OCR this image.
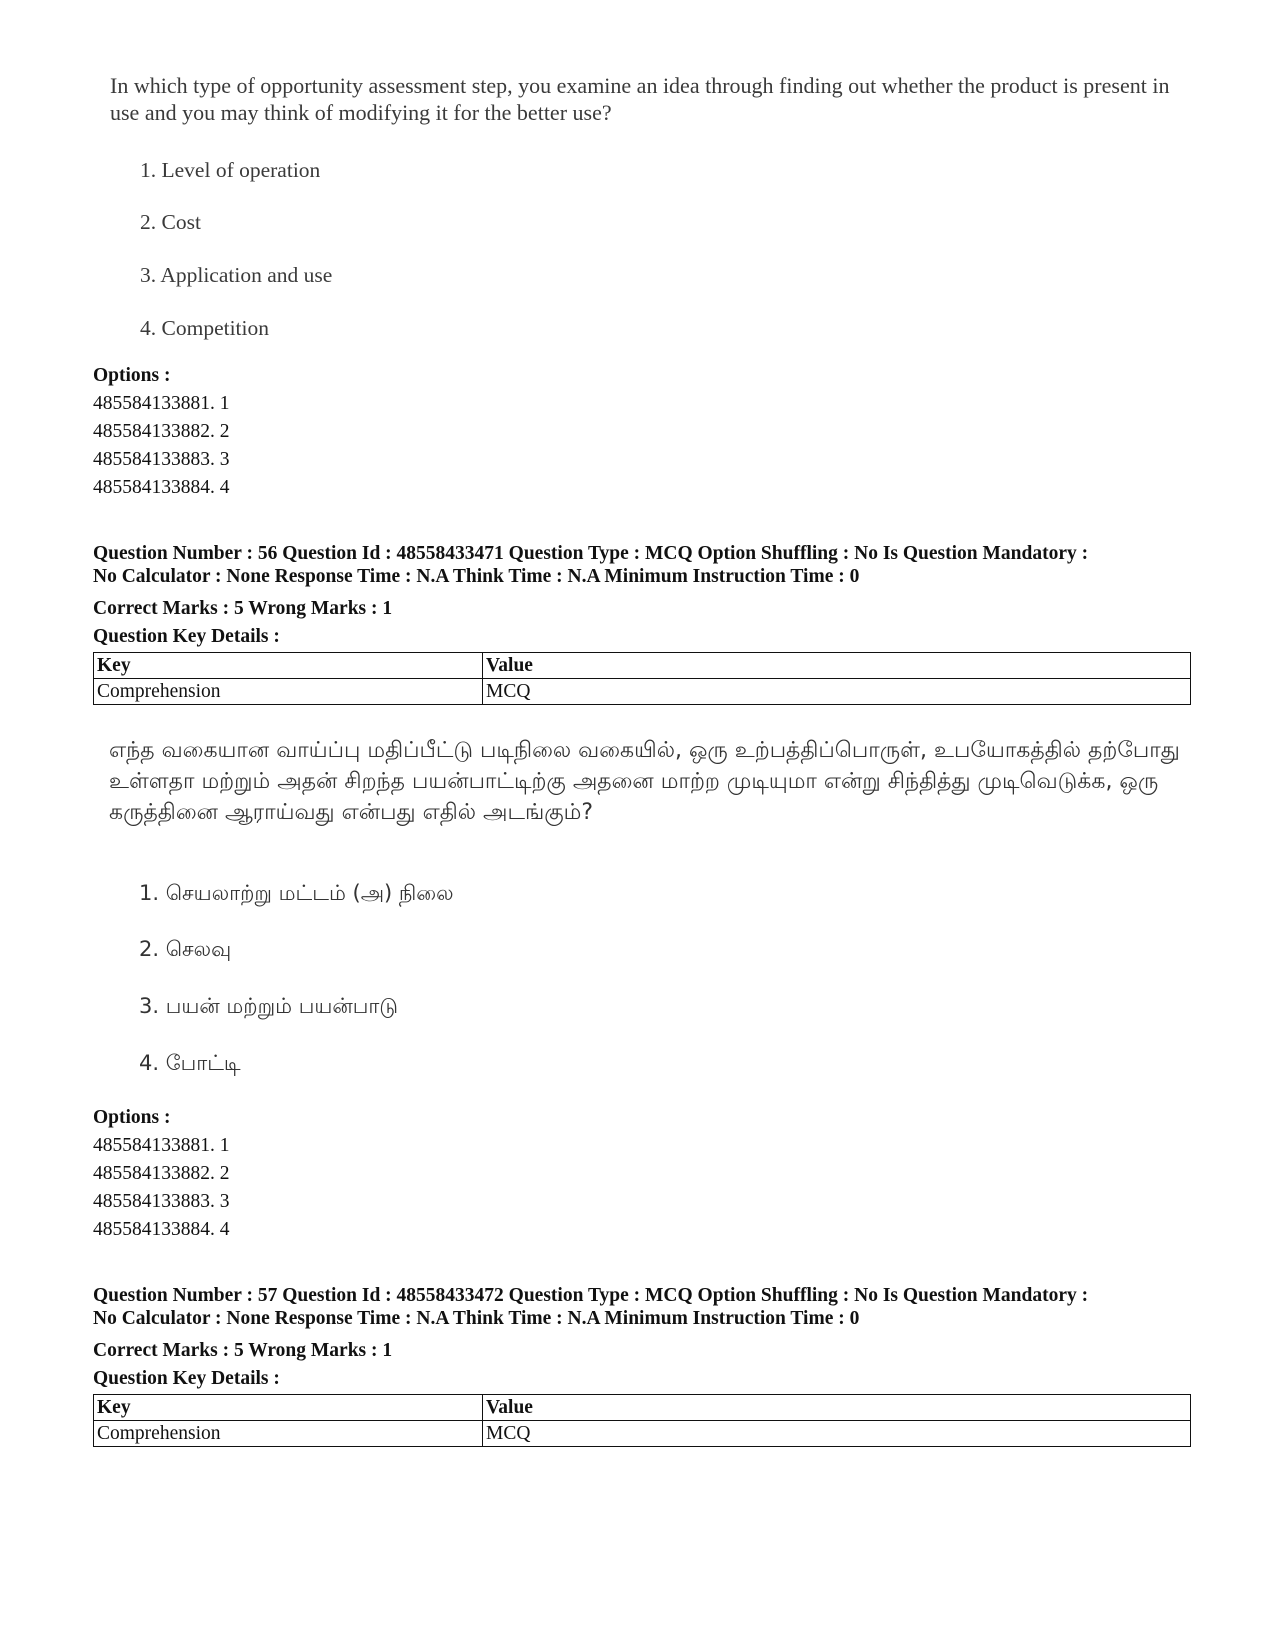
In which type of opportunity assessment step, you examine an idea through finding out whether the product is present in use and you may think of modifying it for the better use?
1. Level of operation
2. Cost
3. Application and use
4. Competition
Options :
485584133881. 1
485584133882. 2
485584133883. 3
485584133884. 4
Question Number : 56 Question Id : 48558433471 Question Type : MCQ Option Shuffling : No Is Question Mandatory :
No Calculator : None Response Time : N.A Think Time : N.A Minimum Instruction Time : 0
Correct Marks : 5 Wrong Marks : 1
Question Key Details :
Key	Value
Comprehension	MCQ
எந்த வகையான வாய்ப்பு மதிப்பீட்டு படிநிலை வகையில், ஒரு உற்பத்திப்பொருள், உபயோகத்தில் தற்போது உள்ளதா மற்றும் அதன் சிறந்த பயன்பாட்டிற்கு அதனை மாற்ற முடியுமா என்று சிந்தித்து முடிவெடுக்க, ஒரு கருத்தினை ஆராய்வது என்பது எதில் அடங்கும்?
1. செயலாற்று மட்டம் (அ) நிலை
2. செலவு
3. பயன் மற்றும் பயன்பாடு
4. போட்டி
Options :
485584133881. 1
485584133882. 2
485584133883. 3
485584133884. 4
Question Number : 57 Question Id : 48558433472 Question Type : MCQ Option Shuffling : No Is Question Mandatory :
No Calculator : None Response Time : N.A Think Time : N.A Minimum Instruction Time : 0
Correct Marks : 5 Wrong Marks : 1
Question Key Details :
Key	Value
Comprehension	MCQ
